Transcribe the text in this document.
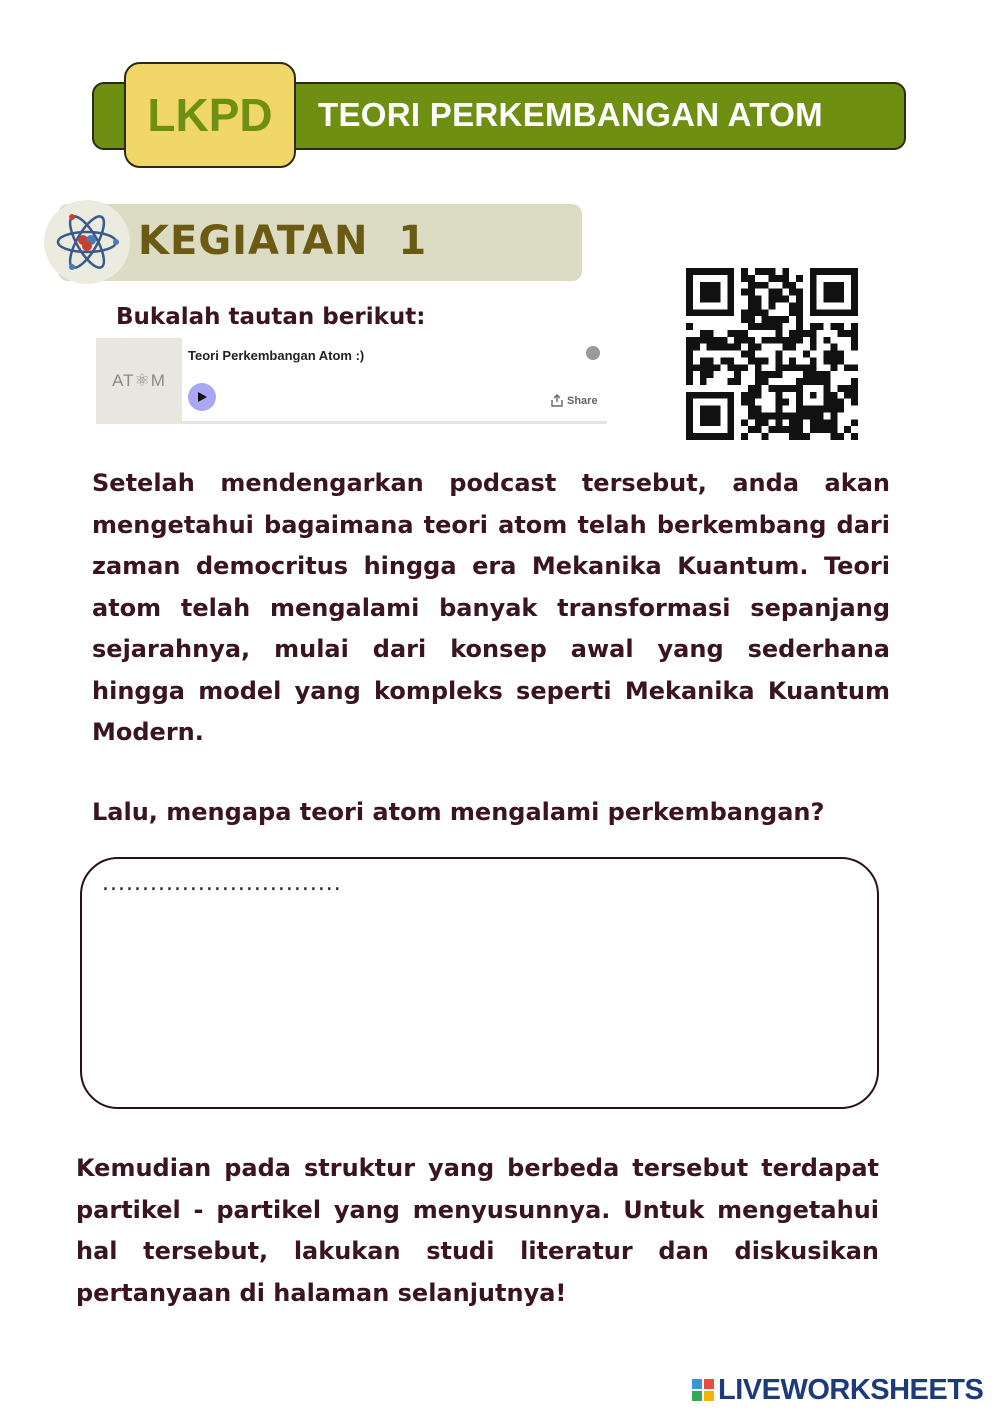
TEORI PERKEMBANGAN ATOM
LKPD
KEGIATAN  1
Bukalah tautan berikut:
AT⚛M
Teori Perkembangan Atom :)
Share
Setelah mendengarkan podcast tersebut, anda akan mengetahui bagaimana teori atom telah berkembang dari zaman democritus hingga era Mekanika Kuantum. Teori atom telah mengalami banyak transformasi sepanjang sejarahnya, mulai dari konsep awal yang sederhana hingga model yang kompleks seperti Mekanika Kuantum Modern.
Lalu, mengapa teori atom mengalami perkembangan?
..............................
Kemudian pada struktur yang berbeda tersebut terdapat partikel - partikel yang menyusunnya. Untuk mengetahui hal tersebut, lakukan studi literatur dan diskusikan pertanyaan di halaman selanjutnya!
LIVEWORKSHEETS
